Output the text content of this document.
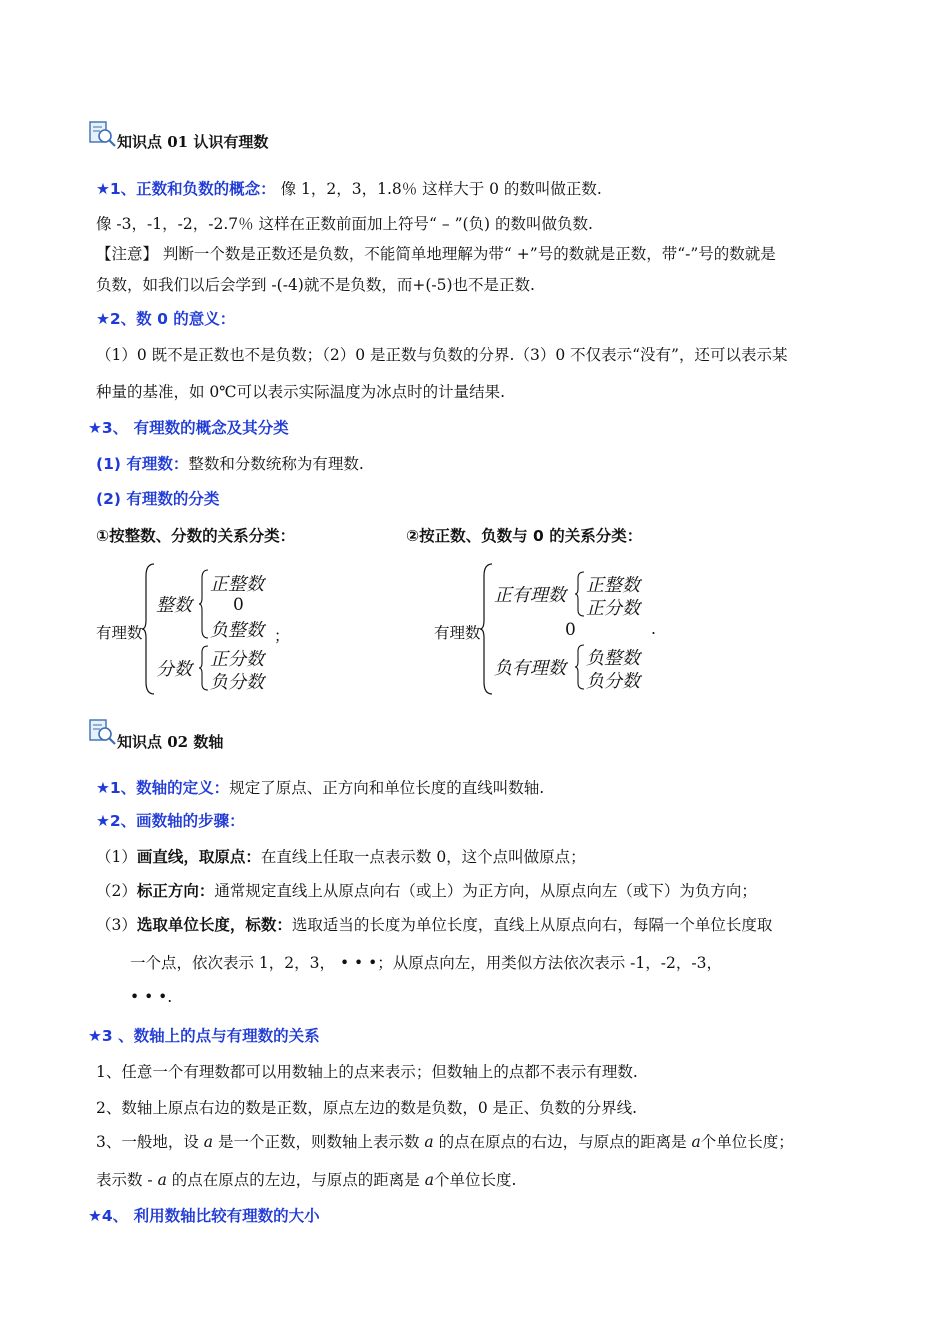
知识点 01 认识有理数
★1、正数和负数的概念： 像 1，2，3，1.8％ 这样大于 0 的数叫做正数.
像 -3，-1，-2，-2.7％ 这样在正数前面加上符号“ – ”(负) 的数叫做负数.
【注意】 判断一个数是正数还是负数，不能简单地理解为带“ +”号的数就是正数，带“-”号的数就是
负数，如我们以后会学到 -(-4)就不是负数，而+(-5)也不是正数.
★2、数 0 的意义：
（1）0 既不是正数也不是负数；（2）0 是正数与负数的分界.（3）0 不仅表示“没有”，还可以表示某
种量的基准，如 0℃可以表示实际温度为冰点时的计量结果.
★3、 有理数的概念及其分类
(1) 有理数：整数和分数统称为有理数.
(2) 有理数的分类
①按整数、分数的关系分类：	②按正数、负数与 0 的关系分类：
有理数
整数
正整数
0
负整数 ；
分数 正分数
负分数
有理数
正有理数 正整数
正分数
0	.
负有理数 负整数
负分数
知识点 02 数轴
★1、数轴的定义：规定了原点、正方向和单位长度的直线叫数轴.
★2、画数轴的步骤：
（1）画直线，取原点：在直线上任取一点表示数 0，这个点叫做原点；
（2）标正方向：通常规定直线上从原点向右（或上）为正方向，从原点向左（或下）为负方向；
（3）选取单位长度，标数：选取适当的长度为单位长度，直线上从原点向右，每隔一个单位长度取
一个点，依次表示 1，2，3， • • •；从原点向左，用类似方法依次表示 -1，-2，-3，
• • •.
★3 、数轴上的点与有理数的关系
1、任意一个有理数都可以用数轴上的点来表示；但数轴上的点都不表示有理数.
2、数轴上原点右边的数是正数，原点左边的数是负数，0 是正、负数的分界线.
3、一般地，设 a 是一个正数，则数轴上表示数 a 的点在原点的右边，与原点的距离是 a个单位长度；
表示数 - a 的点在原点的左边，与原点的距离是 a个单位长度.
★4、 利用数轴比较有理数的大小
